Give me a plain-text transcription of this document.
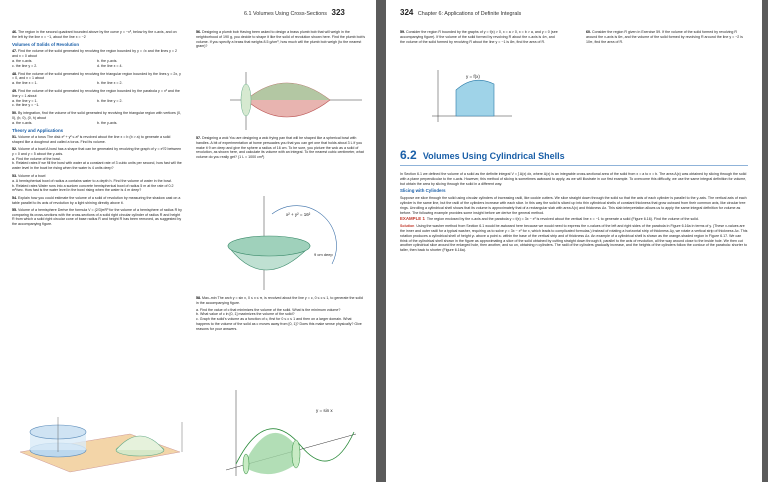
6.1 Volumes Using Cross-Sections 323

46. The region in the second quadrant bounded above by the curve y = −x³, below by the x-axis, and on the left by the line x = −1, about the line x = −2

Volumes of Solids of Revolution
47. Find the volume of the solid generated by revolving the region bounded by y = √x and the lines y = 2 and x = 0 about
a. the x-axis.	b. the y-axis.
c. the line y = 2.	d. the line x = 4.
48. Find the volume of the solid generated by revolving the triangular region bounded by the lines y = 2x, y = 0, and x = 1 about
a. the line x = 1.	b. the line x = 2.
49. Find the volume of the solid generated by revolving the region bounded by the parabola y = x² and the line y = 1 about
a. the line y = 1.	b. the line y = 2.
c. the line y = −1.
50. By integration, find the volume of the solid generated by revolving the triangular region with vertices (0, 0), (b, 0), (0, h) about
a. the x-axis.	b. the y-axis.
Theory and Applications

51. Volume of a torus The disk x² + y² ≤ a² is revolved about the line x = b (b > a) to generate a solid shaped like a doughnut and called a torus. Find its volume.

52. Volume of a bowl A bowl has a shape that can be generated by revolving the graph of y = x²/2 between y = 0 and y = 5 about the y-axis.
a. Find the volume of the bowl.
b. Related rates If we fill the bowl with water at a constant rate of 3 cubic units per second, how fast will the water level in the bowl be rising when the water is 4 units deep?
53. Volume of a bowl
a. A hemispherical bowl of radius a contains water to a depth h. Find the volume of water in the bowl.
b. Related rates Water runs into a sunken concrete hemispherical bowl of radius 5 m at the rate of 0.2 m³/sec. How fast is the water level in the bowl rising when the water is 4 m deep?

54. Explain how you could estimate the volume of a solid of revolution by measuring the shadow cast on a table parallel to its axis of revolution by a light shining directly above it.

55. Volume of a hemisphere Derive the formula V = (2/3)πR³ for the volume of a hemisphere of radius R by comparing its cross-sections with the cross-sections of a solid right circular cylinder of radius R and height R from which a solid right circular cone of base radius R and height R has been removed, as suggested by the accompanying figure.

56. Designing a plumb bob Having been asked to design a brass plumb bob that will weigh in the neighborhood of 190 g, you decide to shape it like the solid of revolution shown here. Find the plumb bob's volume. If you specify a brass that weighs 8.5 g/cm³, how much will the plumb bob weigh (to the nearest gram)?

57. Designing a wok You are designing a wok frying pan that will be shaped like a spherical bowl with handles. A bit of experimentation at home persuades you that you can get one that holds about 3 L if you make it 9 cm deep and give the sphere a radius of 16 cm. To be sure, you picture the wok as a solid of revolution, as shown here, and calculate its volume with an integral. To the nearest cubic centimeter, what volume do you really get? (1 L = 1000 cm³)

x² + y² = 16²
9 cm deep

58. Max–min The arch y = sin x, 0 ≤ x ≤ π, is revolved about the line y = c, 0 ≤ c ≤ 1, to generate the solid in the accompanying figure.

a. Find the value of c that minimizes the volume of the solid. What is the minimum volume?
b. What value of c in [0, 1] maximizes the volume of the solid?
c. Graph the solid's volume as a function of c, first for 0 ≤ c ≤ 1 and then on a larger domain. What happens to the volume of the solid as c moves away from [0, 1]? Does this make sense physically? Give reasons for your answers.
y = sin x
324 Chapter 6: Applications of Definite Integrals

59. Consider the region R bounded by the graphs of y = f(x) > 0, x = a > 0, x = b > a, and y = 0 (see accompanying figure). If the volume of the solid formed by revolving R about the x-axis is 4π, and the volume of the solid formed by revolving R about the line y = −1 is 8π, find the area of R.

60. Consider the region R given in Exercise 59. If the volume of the solid formed by revolving R around the x-axis is 6π, and the volume of the solid formed by revolving R around the line y = −2 is 10π, find the area of R.

y = f(x)
6.2 Volumes Using Cylindrical Shells

In Section 6.1 we defined the volume of a solid as the definite integral V = ∫ A(x) dx, where A(x) is an integrable cross-sectional area of the solid from x = a to x = b. The area A(x) was obtained by slicing through the solid with a plane perpendicular to the x-axis. However, this method of slicing is sometimes awkward to apply, as we will illustrate in our first example. To overcome this difficulty, we use the same integral definition for volume, but obtain the area by slicing through the solid in a different way.

Slicing with Cylinders

Suppose we slice through the solid using circular cylinders of increasing radii, like cookie cutters. We slice straight down through the solid so that the axis of each cylinder is parallel to the y-axis. The vertical axis of each cylinder is the same line, but the radii of the cylinders increase with each slice. In this way the solid is sliced up into thin cylindrical shells of constant thickness that grow outward from their common axis, like circular tree rings. Unrolling a cylindrical shell shows that its volume is approximately that of a rectangular slab with area A(x) and thickness Δx. This slab interpretation allows us to apply the same integral definition for volume as before. The following example provides some insight before we derive the general method.

EXAMPLE 1 The region enclosed by the x-axis and the parabola y = f(x) = 3x − x² is revolved about the vertical line x = −1 to generate a solid (Figure 6.16). Find the volume of the solid.

Solution Using the washer method from Section 6.1 would be awkward here because we would need to express the x-values of the left and right sides of the parabola in Figure 6.16a in terms of y. (These x-values are the inner and outer radii for a typical washer, requiring us to solve y = 3x − x² for x, which leads to complicated formulas.) Instead of rotating a horizontal strip of thickness Δy, we rotate a vertical strip of thickness Δx. This rotation produces a cylindrical shell of height yₖ above a point xₖ within the base of the vertical strip and of thickness Δx. An example of a cylindrical shell is shown as the orange-shaded region in Figure 6.17. We can think of the cylindrical shell shown in the figure as approximating a slice of the solid obtained by cutting straight down through it, parallel to the axis of revolution, all the way around close to the inside hole. We then cut another cylindrical slice around the enlarged hole, then another, and so on, obtaining n cylinders. The radii of the cylinders gradually increase, and the heights of the cylinders follow the contour of the parabola: shorter to taller, then back to shorter (Figure 6.16a).
